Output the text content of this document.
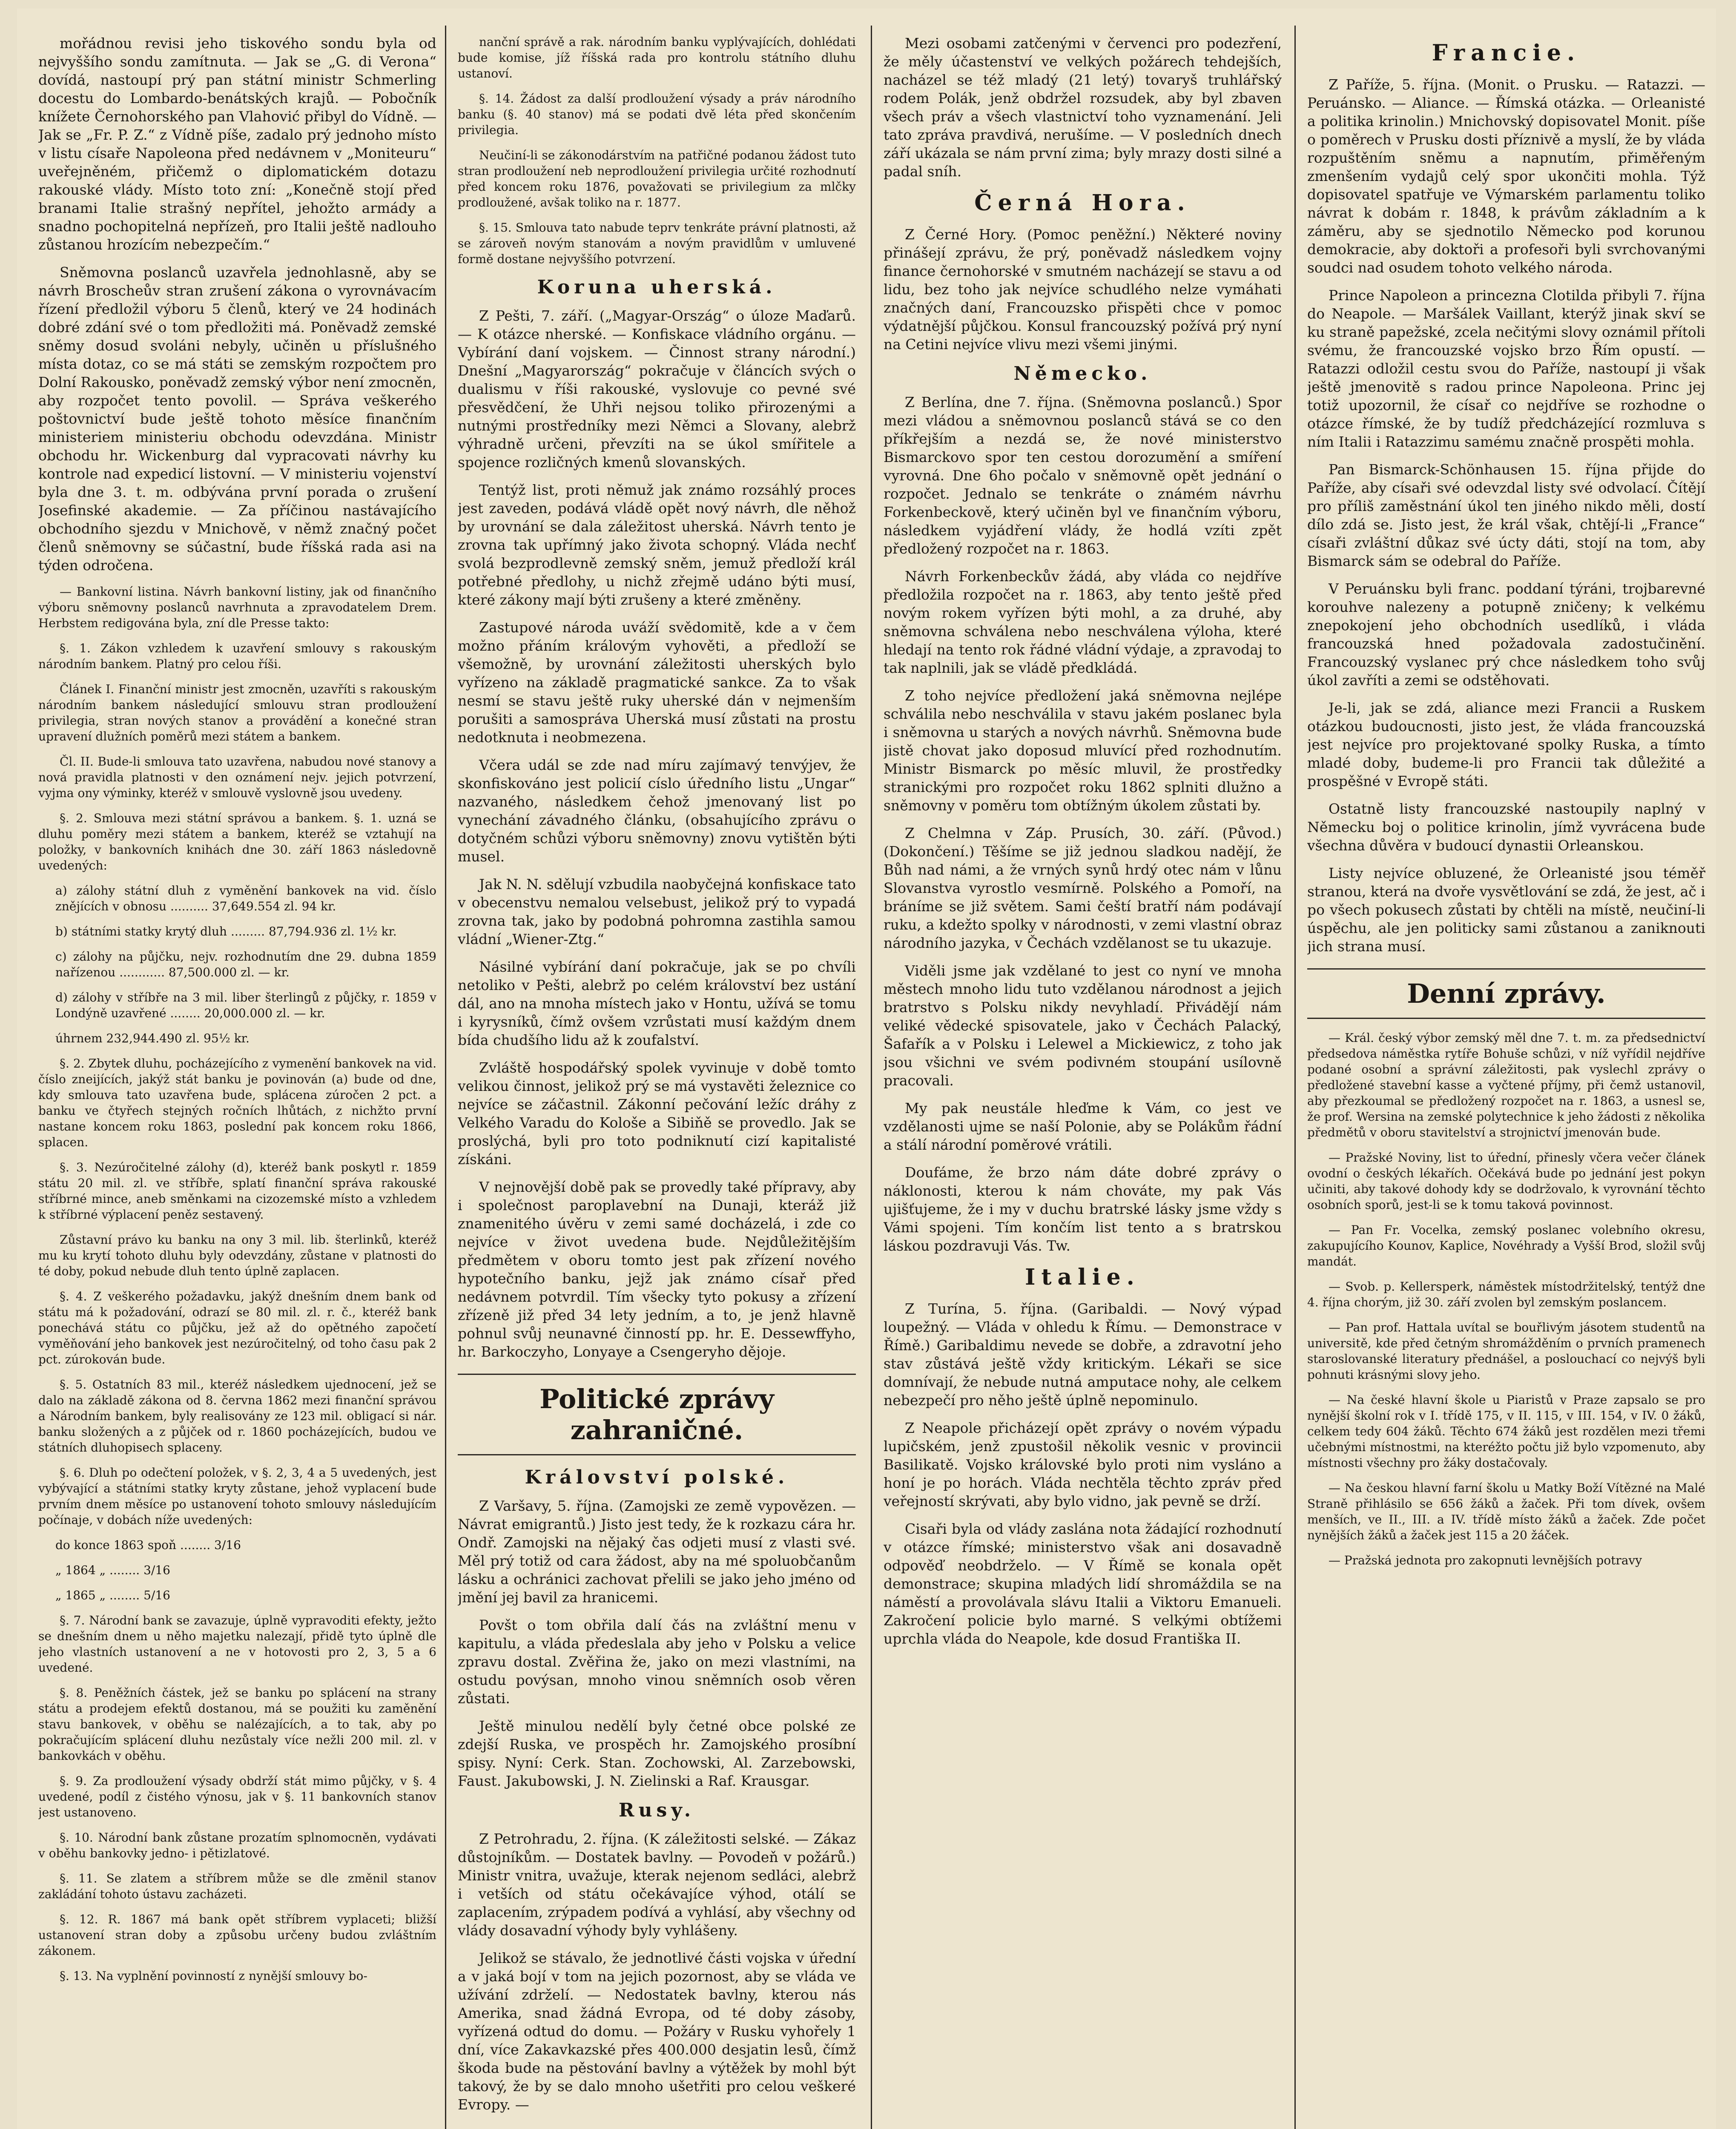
mořádnou revisi jeho tiskového sondu byla od nejvyššího sondu zamítnuta. — Jak se „G. di Verona“ dovídá, nastoupí prý pan státní ministr Schmerling docestu do Lombardo-benátských krajů. — Pobočník knížete Černohorského pan Vlahović přibyl do Vídně. — Jak se „Fr. P. Z.“ z Vídně píše, zadalo prý jednoho místo v listu císaře Napoleona před nedávnem v „Moniteuru“ uveřejněném, přičemž o diplomatickém dotazu rakouské vlády. Místo toto zní: „Konečně stojí před branami Italie strašný nepřítel, jehožto armády a snadno pochopitelná nepřízeň, pro Italii ještě nadlouho zůstanou hrozícím nebezpečím.“

Sněmovna poslanců uzavřela jednohlasně, aby se návrh Broscheův stran zrušení zákona o vyrovnávacím řízení předložil výboru 5 členů, který ve 24 hodinách dobré zdání své o tom předložiti má. Poněvadž zemské sněmy dosud svoláni nebyly, učiněn u příslušného místa dotaz, co se má státi se zemským rozpočtem pro Dolní Rakousko, poněvadž zemský výbor není zmocněn, aby rozpočet tento povolil. — Správa veškerého poštovnictví bude ještě tohoto měsíce finančním ministeriem ministeriu obchodu odevzdána. Ministr obchodu hr. Wickenburg dal vypracovati návrhy ku kontrole nad expedicí listovní. — V ministeriu vojenství byla dne 3. t. m. odbývána první porada o zrušení Josefinské akademie. — Za příčinou nastávajícího obchodního sjezdu v Mnichově, v němž značný počet členů sněmovny se súčastní, bude říšská rada asi na týden odročena.

— Bankovní listina. Návrh bankovní listiny, jak od finančního výboru sněmovny poslanců navrhnuta a zpravodatelem Drem. Herbstem redigována byla, zní dle Presse takto:

§. 1. Zákon vzhledem k uzavření smlouvy s rakouským národním bankem. Platný pro celou říši.

Článek I. Finanční ministr jest zmocněn, uzavříti s rakouským národním bankem následující smlouvu stran prodloužení privilegia, stran nových stanov a provádění a konečné stran upravení dlužních poměrů mezi státem a bankem.

Čl. II. Bude-li smlouva tato uzavřena, nabudou nové stanovy a nová pravidla platnosti v den oznámení nejv. jejich potvrzení, vyjma ony výminky, kteréž v smlouvě vyslovně jsou uvedeny.

§. 2. Smlouva mezi státní správou a bankem. §. 1. uzná se dluhu poměry mezi státem a bankem, kteréž se vztahují na položky, v bankovních knihách dne 30. září 1863 následovně uvedených:

a) zálohy státní dluh z vyměnění bankovek na vid. číslo znějících v obnosu .......... 37,649.554 zl. 94 kr.

b) státními statky krytý dluh ......... 87,794.936 zl. 1½ kr.

c) zálohy na půjčku, nejv. rozhodnutím dne 29. dubna 1859 nařízenou ............ 87,500.000 zl. — kr.

d) zálohy v stříbře na 3 mil. liber šterlingů z půjčky, r. 1859 v Londýně uzavřené ........ 20,000.000 zl. — kr.

úhrnem 232,944.490 zl. 95½ kr.

§. 2. Zbytek dluhu, pocházejícího z vymenění bankovek na vid. číslo zneijících, jakýž stát banku je povinován (a) bude od dne, kdy smlouva tato uzavřena bude, splácena zúročen 2 pct. a banku ve čtyřech stejných ročních lhůtách, z nichžto první nastane koncem roku 1863, poslední pak koncem roku 1866, splacen.

§. 3. Nezúročitelné zálohy (d), kteréž bank poskytl r. 1859 státu 20 mil. zl. ve stříbře, splatí finanční správa rakouské stříbrné mince, aneb směnkami na cizozemské místo a vzhledem k stříbrné výplacení peněz sestavený.

Zůstavní právo ku banku na ony 3 mil. lib. šterlinků, kteréž mu ku krytí tohoto dluhu byly odevzdány, zůstane v platnosti do té doby, pokud nebude dluh tento úplně zaplacen.

§. 4. Z veškerého požadavku, jakýž dnešním dnem bank od státu má k požadování, odrazí se 80 mil. zl. r. č., kteréž bank ponechává státu co půjčku, jež až do opětného započetí vyměňování jeho bankovek jest nezúročitelný, od toho času pak 2 pct. zúrokován bude.

§. 5. Ostatních 83 mil., kteréž následkem ujednocení, jež se dalo na základě zákona od 8. června 1862 mezi finanční správou a Národním bankem, byly realisovány ze 123 mil. obligací si nár. banku složených a z půjček od r. 1860 pocházejících, budou ve státních dluhopisech splaceny.

§. 6. Dluh po odečtení položek, v §. 2, 3, 4 a 5 uvedených, jest vybývající a státními statky kryty zůstane, jehož vyplacení bude prvním dnem měsíce po ustanovení tohoto smlouvy následujícím počínaje, v dobách níže uvedených:

do konce 1863 spoň ........ 3/16

„ 1864 „ ........ 3/16

„ 1865 „ ........ 5/16

§. 7. Národní bank se zavazuje, úplně vypravoditi efekty, ježto se dnešním dnem u něho majetku nalezají, přidě tyto úplně dle jeho vlastních ustanovení a ne v hotovosti pro 2, 3, 5 a 6 uvedené.

§. 8. Peněžních částek, jež se banku po splácení na strany státu a prodejem efektů dostanou, má se použiti ku zaměnění stavu bankovek, v oběhu se nalézajících, a to tak, aby po pokračujícím splácení dluhu nezůstaly více nežli 200 mil. zl. v bankovkách v oběhu.

§. 9. Za prodloužení výsady obdrží stát mimo půjčky, v §. 4 uvedené, podíl z čistého výnosu, jak v §. 11 bankovních stanov jest ustanoveno.

§. 10. Národní bank zůstane prozatím splnomocněn, vydávati v oběhu bankovky jedno- i pětizlatové.

§. 11. Se zlatem a stříbrem může se dle změnil stanov zakládání tohoto ústavu zacházeti.

§. 12. R. 1867 má bank opět stříbrem vyplaceti; bližší ustanovení stran doby a způsobu určeny budou zvláštním zákonem.

§. 13. Na vyplnění povinností z nynější smlouvy bo-

nanční správě a rak. národním banku vyplývajících, dohlédati bude komise, jíž říšská rada pro kontrolu státního dluhu ustanoví.

§. 14. Žádost za další prodloužení výsady a práv národního banku (§. 40 stanov) má se podati dvě léta před skončením privilegia.

Neučiní-li se zákonodárstvím na patřičné podanou žádost tuto stran prodloužení neb neprodloužení privilegia určité rozhodnutí před koncem roku 1876, považovati se privilegium za mlčky prodloužené, avšak toliko na r. 1877.

§. 15. Smlouva tato nabude teprv tenkráte právní platnosti, až se zároveň novým stanovám a novým pravidlům v umluvené formě dostane nejvyššího potvrzení.

Koruna uherská.

Z Pešti, 7. září. („Magyar-Ország“ o úloze Maďarů. — K otázce nherské. — Konfiskace vládního orgánu. — Vybírání daní vojskem. — Činnost strany národní.) Dnešní „Magyarország“ pokračuje v článcích svých o dualismu v říši rakouské, vyslovuje co pevné své přesvědčení, že Uhři nejsou toliko přirozenými a nutnými prostředníky mezi Němci a Slovany, alebrž výhradně určeni, převzíti na se úkol smířitele a spojence rozličných kmenů slovanských.

Tentýž list, proti němuž jak známo rozsáhlý proces jest zaveden, podává vládě opět nový návrh, dle něhož by urovnání se dala záležitost uherská. Návrh tento je zrovna tak upřímný jako života schopný. Vláda nechť svolá bezprodlevně zemský sněm, jemuž předloží král potřebné předlohy, u nichž zřejmě udáno býti musí, které zákony mají býti zrušeny a které změněny.

Zastupové národa uváží svědomitě, kde a v čem možno přáním královým vyhověti, a předloží se všemožně, by urovnání záležitosti uherských bylo vyřízeno na základě pragmatické sankce. Za to však nesmí se stavu ještě ruky uherské dán v nejmenším porušiti a samospráva Uherská musí zůstati na prostu nedotknuta i neobmezena.

Včera udál se zde nad míru zajímavý tenvýjev, že skonfiskováno jest policií císlo úředního listu „Ungar“ nazvaného, následkem čehož jmenovaný list po vynechání závadného článku, (obsahujícího zprávu o dotyčném schůzi výboru sněmovny) znovu vytištěn býti musel.

Jak N. N. sdělují vzbudila naobyčejná konfiskace tato v obecenstvu nemalou velsebust, jelikož prý to vypadá zrovna tak, jako by podobná pohromna zastihla samou vládní „Wiener-Ztg.“

Násilné vybírání daní pokračuje, jak se po chvíli netoliko v Pešti, alebrž po celém království bez ustání dál, ano na mnoha místech jako v Hontu, užívá se tomu i kyrysníků, čímž ovšem vzrůstati musí každým dnem bída chudšího lidu až k zoufalství.

Zvláště hospodářský spolek vyvinuje v době tomto velikou činnost, jelikož prý se má vystavěti železnice co nejvíce se záčastnil. Zákonní pečování ležíc dráhy z Velkého Varadu do Kološe a Sibiňě se provedlo. Jak se proslýchá, byli pro toto podniknutí cizí kapitalisté získáni.

V nejnovější době pak se provedly také přípravy, aby i společnost paroplavební na Dunaji, kteráž již znamenitého úvěru v zemi samé docházelá, i zde co nejvíce v život uvedena bude. Nejdůležitějším předmětem v oboru tomto jest pak zřízení nového hypotečního banku, jejž jak známo císař před nedávnem potvrdil. Tím všecky tyto pokusy a zřízení zřízeně již před 34 lety jedním, a to, je jenž hlavně pohnul svůj neunavné činností pp. hr. E. Dessewffyho, hr. Barkoczyho, Lonyaye a Csengeryho dějoje.

Politické zprávy zahraničné.
Království polské.

Z Varšavy, 5. října. (Zamojski ze země vypovězen. — Návrat emigrantů.) Jisto jest tedy, že k rozkazu cára hr. Ondř. Zamojski na nějaký čas odjeti musí z vlasti své. Měl prý totiž od cara žádost, aby na mé spoluobčanům lásku a ochránici zachovat přelili se jako jeho jméno od jmění jej bavil za hranicemi.

Povšt o tom obřila dalí čás na zvláštní menu v kapitulu, a vláda předeslala aby jeho v Polsku a velice zpravu dostal. Zvěřina že, jako on mezi vlastními, na ostudu povýsan, mnoho vinou sněmních osob věren zůstati.

Ještě minulou nedělí byly četné obce polské ze zdejší Ruska, ve prospěch hr. Zamojského prosíbní spisy. Nyní: Cerk. Stan. Zochowski, Al. Zarzebowski, Faust. Jakubowski, J. N. Zielinski a Raf. Krausgar.

Rusy.

Z Petrohradu, 2. října. (K záležitosti selské. — Zákaz důstojníkům. — Dostatek bavlny. — Povodeň v požárů.) Ministr vnitra, uvažuje, kterak nejenom sedláci, alebrž i vetších od státu očekávajíce výhod, otálí se zaplacením, zrýpadem podívá a vyhlásí, aby všechny od vlády dosavadní výhody byly vyhlášeny.

Jelikož se stávalo, že jednotlivé části vojska v úřední a v jaká bojí v tom na jejich pozornost, aby se vláda ve užívání zdrželí. — Nedostatek bavlny, kterou nás Amerika, snad žádná Evropa, od té doby zásoby, vyřízená odtud do domu. — Požáry v Rusku vyhořely 1 dní, více Zakavkazské přes 400.000 desjatin lesů, čímž škoda bude na pěstování bavlny a výtěžek by mohl být takový, že by se dalo mnoho ušetřiti pro celou veškeré Evropy. —

Mezi osobami zatčenými v červenci pro podezření, že měly účastenství ve velkých požárech tehdejších, nacházel se též mladý (21 letý) tovaryš truhlářský rodem Polák, jenž obdržel rozsudek, aby byl zbaven všech práv a všech vlastnictví toho vyznamenání. Jeli tato zpráva pravdivá, nerušíme. — V posledních dnech září ukázala se nám první zima; byly mrazy dosti silné a padal sníh.

Černá Hora.

Z Černé Hory. (Pomoc peněžní.) Některé noviny přinášejí zprávu, že prý, poněvadž následkem vojny finance černohorské v smutném nacházejí se stavu a od lidu, bez toho jak nejvíce schudlého nelze vymáhati značných daní, Francouzsko přispěti chce v pomoc výdatnější půjčkou. Konsul francouzský požívá prý nyní na Cetini nejvíce vlivu mezi všemi jinými.

Německo.

Z Berlína, dne 7. října. (Sněmovna poslanců.) Spor mezi vládou a sněmovnou poslanců stává se co den příkřejším a nezdá se, že nové ministerstvo Bismarckovo spor ten cestou dorozumění a smíření vyrovná. Dne 6ho počalo v sněmovně opět jednání o rozpočet. Jednalo se tenkráte o známém návrhu Forkenbeckově, který učiněn byl ve finančním výboru, následkem vyjádření vlády, že hodlá vzíti zpět předložený rozpočet na r. 1863.

Návrh Forkenbeckův žádá, aby vláda co nejdříve předložila rozpočet na r. 1863, aby tento ještě před novým rokem vyřízen býti mohl, a za druhé, aby sněmovna schválena nebo neschválena výloha, které hledají na tento rok řádné vládní výdaje, a zpravodaj to tak naplnili, jak se vládě předkládá.

Z toho nejvíce předložení jaká sněmovna nejlépe schválila nebo neschválila v stavu jakém poslanec byla i sněmovna u starých a nových návrhů. Sněmovna bude jistě chovat jako doposud mluvící před rozhodnutím. Ministr Bismarck po měsíc mluvil, že prostředky stranickými pro rozpočet roku 1862 splniti dlužno a sněmovny v poměru tom obtížným úkolem zůstati by.

Z Chelmna v Záp. Prusích, 30. září. (Původ.) (Dokončení.) Těšíme se již jednou sladkou nadějí, že Bůh nad námi, a že vrných synů hrdý otec nám v lůnu Slovanstva vyrostlo vesmírně. Polského a Pomoří, na bráníme se již světem. Sami čeští bratří nám podávají ruku, a kdežto spolky v národnosti, v zemi vlastní obraz národního jazyka, v Čechách vzdělanost se tu ukazuje.

Viděli jsme jak vzdělané to jest co nyní ve mnoha městech mnoho lidu tuto vzdělanou národnost a jejich bratrstvo s Polsku nikdy nevyhladí. Přivádějí nám veliké vědecké spisovatele, jako v Čechách Palacký, Šafařík a v Polsku i Lelewel a Mickiewicz, z toho jak jsou všichni ve svém podivném stoupání usílovně pracovali.

My pak neustále hleďme k Vám, co jest ve vzdělanosti ujme se naší Polonie, aby se Polákům řádní a stálí národní poměrové vrátili.

Doufáme, že brzo nám dáte dobré zprávy o náklonosti, kterou k nám chováte, my pak Vás ujišťujeme, že i my v duchu bratrské lásky jsme vždy s Vámi spojeni. Tím končím list tento a s bratrskou láskou pozdravuji Vás. Tw.

Italie.

Z Turína, 5. října. (Garibaldi. — Nový výpad loupežný. — Vláda v ohledu k Římu. — Demonstrace v Římě.) Garibaldimu nevede se dobře, a zdravotní jeho stav zůstává ještě vždy kritickým. Lékaři se sice domnívají, že nebude nutná amputace nohy, ale celkem nebezpečí pro něho ještě úplně nepominulo.

Z Neapole přicházejí opět zprávy o novém výpadu lupičském, jenž zpustošil několik vesnic v provincii Basilikatě. Vojsko královské bylo proti nim vysláno a honí je po horách. Vláda nechtěla těchto zpráv před veřejností skrývati, aby bylo vidno, jak pevně se drží.

Cisaři byla od vlády zaslána nota žádající rozhodnutí v otázce římské; ministerstvo však ani dosavadně odpověď neobdrželo. — V Římě se konala opět demonstrace; skupina mladých lidí shromáždila se na náměstí a provolávala slávu Italii a Viktoru Emanueli. Zakročení policie bylo marné. S velkými obtížemi uprchla vláda do Neapole, kde dosud Františka II.

Francie.

Z Paříže, 5. října. (Monit. o Prusku. — Ratazzi. — Peruánsko. — Aliance. — Římská otázka. — Orleanisté a politika krinolin.) Mnichovský dopisovatel Monit. píše o poměrech v Prusku dosti příznivě a myslí, že by vláda rozpuštěním sněmu a napnutím, přiměřeným zmenšením vydajů celý spor ukončiti mohla. Týž dopisovatel spatřuje ve Výmarském parlamentu toliko návrat k dobám r. 1848, k právům základním a k záměru, aby se sjednotilo Německo pod korunou demokracie, aby doktoři a profesoři byli svrchovanými soudci nad osudem tohoto velkého národa.

Prince Napoleon a princezna Clotilda přibyli 7. října do Neapole. — Maršálek Vaillant, kterýž jinak skví se ku straně papežské, zcela nečitými slovy oznámil přítoli svému, že francouzské vojsko brzo Řím opustí. — Ratazzi odložil cestu svou do Paříže, nastoupí ji však ještě jmenovitě s radou prince Napoleona. Princ jej totiž upozornil, že císař co nejdříve se rozhodne o otázce římské, že by tudíž předcházející rozmluva s ním Italii i Ratazzimu samému značně prospěti mohla.

Pan Bismarck-Schönhausen 15. října přijde do Paříže, aby císaři své odevzdal listy své odvolací. Čítějí pro příliš zaměstnání úkol ten jiného nikdo měli, dostí dílo zdá se. Jisto jest, že král však, chtějí-li „France“ císaři zvláštní důkaz své úcty dáti, stojí na tom, aby Bismarck sám se odebral do Paříže.

V Peruánsku byli franc. poddaní týráni, trojbarevné korouhve nalezeny a potupně zničeny; k velkému znepokojení jeho obchodních usedlíků, i vláda francouzská hned požadovala zadostučinění. Francouzský vyslanec prý chce následkem toho svůj úkol zavříti a zemi se odstěhovati.

Je-li, jak se zdá, aliance mezi Francii a Ruskem otázkou budoucnosti, jisto jest, že vláda francouzská jest nejvíce pro projektované spolky Ruska, a tímto mladé doby, budeme-li pro Francii tak důležité a prospěšné v Evropě státi.

Ostatně listy francouzské nastoupily naplný v Německu boj o politice krinolin, jímž vyvrácena bude všechna důvěra v budoucí dynastii Orleanskou.

Listy nejvíce obluzené, že Orleanisté jsou téměř stranou, která na dvoře vysvětlování se zdá, že jest, ač i po všech pokusech zůstati by chtěli na místě, neučiní-li úspěchu, ale jen politicky sami zůstanou a zaniknouti jich strana musí.

Denní zprávy.

— Král. český výbor zemský měl dne 7. t. m. za předsednictví předsedova náměstka rytíře Bohuše schůzi, v níž vyřídil nejdříve podané osobní a správní záležitosti, pak vyslechl zprávy o předložené stavební kasse a vyčtené příjmy, při čemž ustanovil, aby přezkoumal se předložený rozpočet na r. 1863, a usnesl se, že prof. Wersina na zemské polytechnice k jeho žádosti z několika předmětů v oboru stavitelství a strojnictví jmenován bude.

— Pražské Noviny, list to úřední, přinesly včera večer článek ovodní o českých lékařích. Očekává bude po jednání jest pokyn učiniti, aby takové dohody kdy se dodržovalo, k vyrovnání těchto osobních sporů, jest-li se k tomu taková povinnost.

— Pan Fr. Vocelka, zemský poslanec volebního okresu, zakupujícího Kounov, Kaplice, Novéhrady a Vyšší Brod, složil svůj mandát.

— Svob. p. Kellersperk, náměstek místodržitelský, tentýž dne 4. října chorým, již 30. září zvolen byl zemským poslancem.

— Pan prof. Hattala uvítal se bouřlivým jásotem studentů na universitě, kde před četným shromážděním o prvních pramenech staroslovanské literatury přednášel, a poslouchací co nejvýš byli pohnuti krásnými slovy jeho.

— Na české hlavní škole u Piaristů v Praze zapsalo se pro nynější školní rok v I. třídě 175, v II. 115, v III. 154, v IV. 0 žáků, celkem tedy 604 žáků. Těchto 674 žáků jest rozdělen mezi třemi učebnými místnostmi, na kteréžto počtu již bylo vzpomenuto, aby místnosti všechny pro žáky dostačovaly.

— Na českou hlavní farní školu u Matky Boží Vítězné na Malé Straně přihlásilo se 656 žáků a žaček. Při tom dívek, ovšem menších, ve II., III. a IV. třídě místo žáků a žaček. Zde počet nynějších žáků a žaček jest 115 a 20 žáček.

— Pražská jednota pro zakopnuti levnějších potravy
